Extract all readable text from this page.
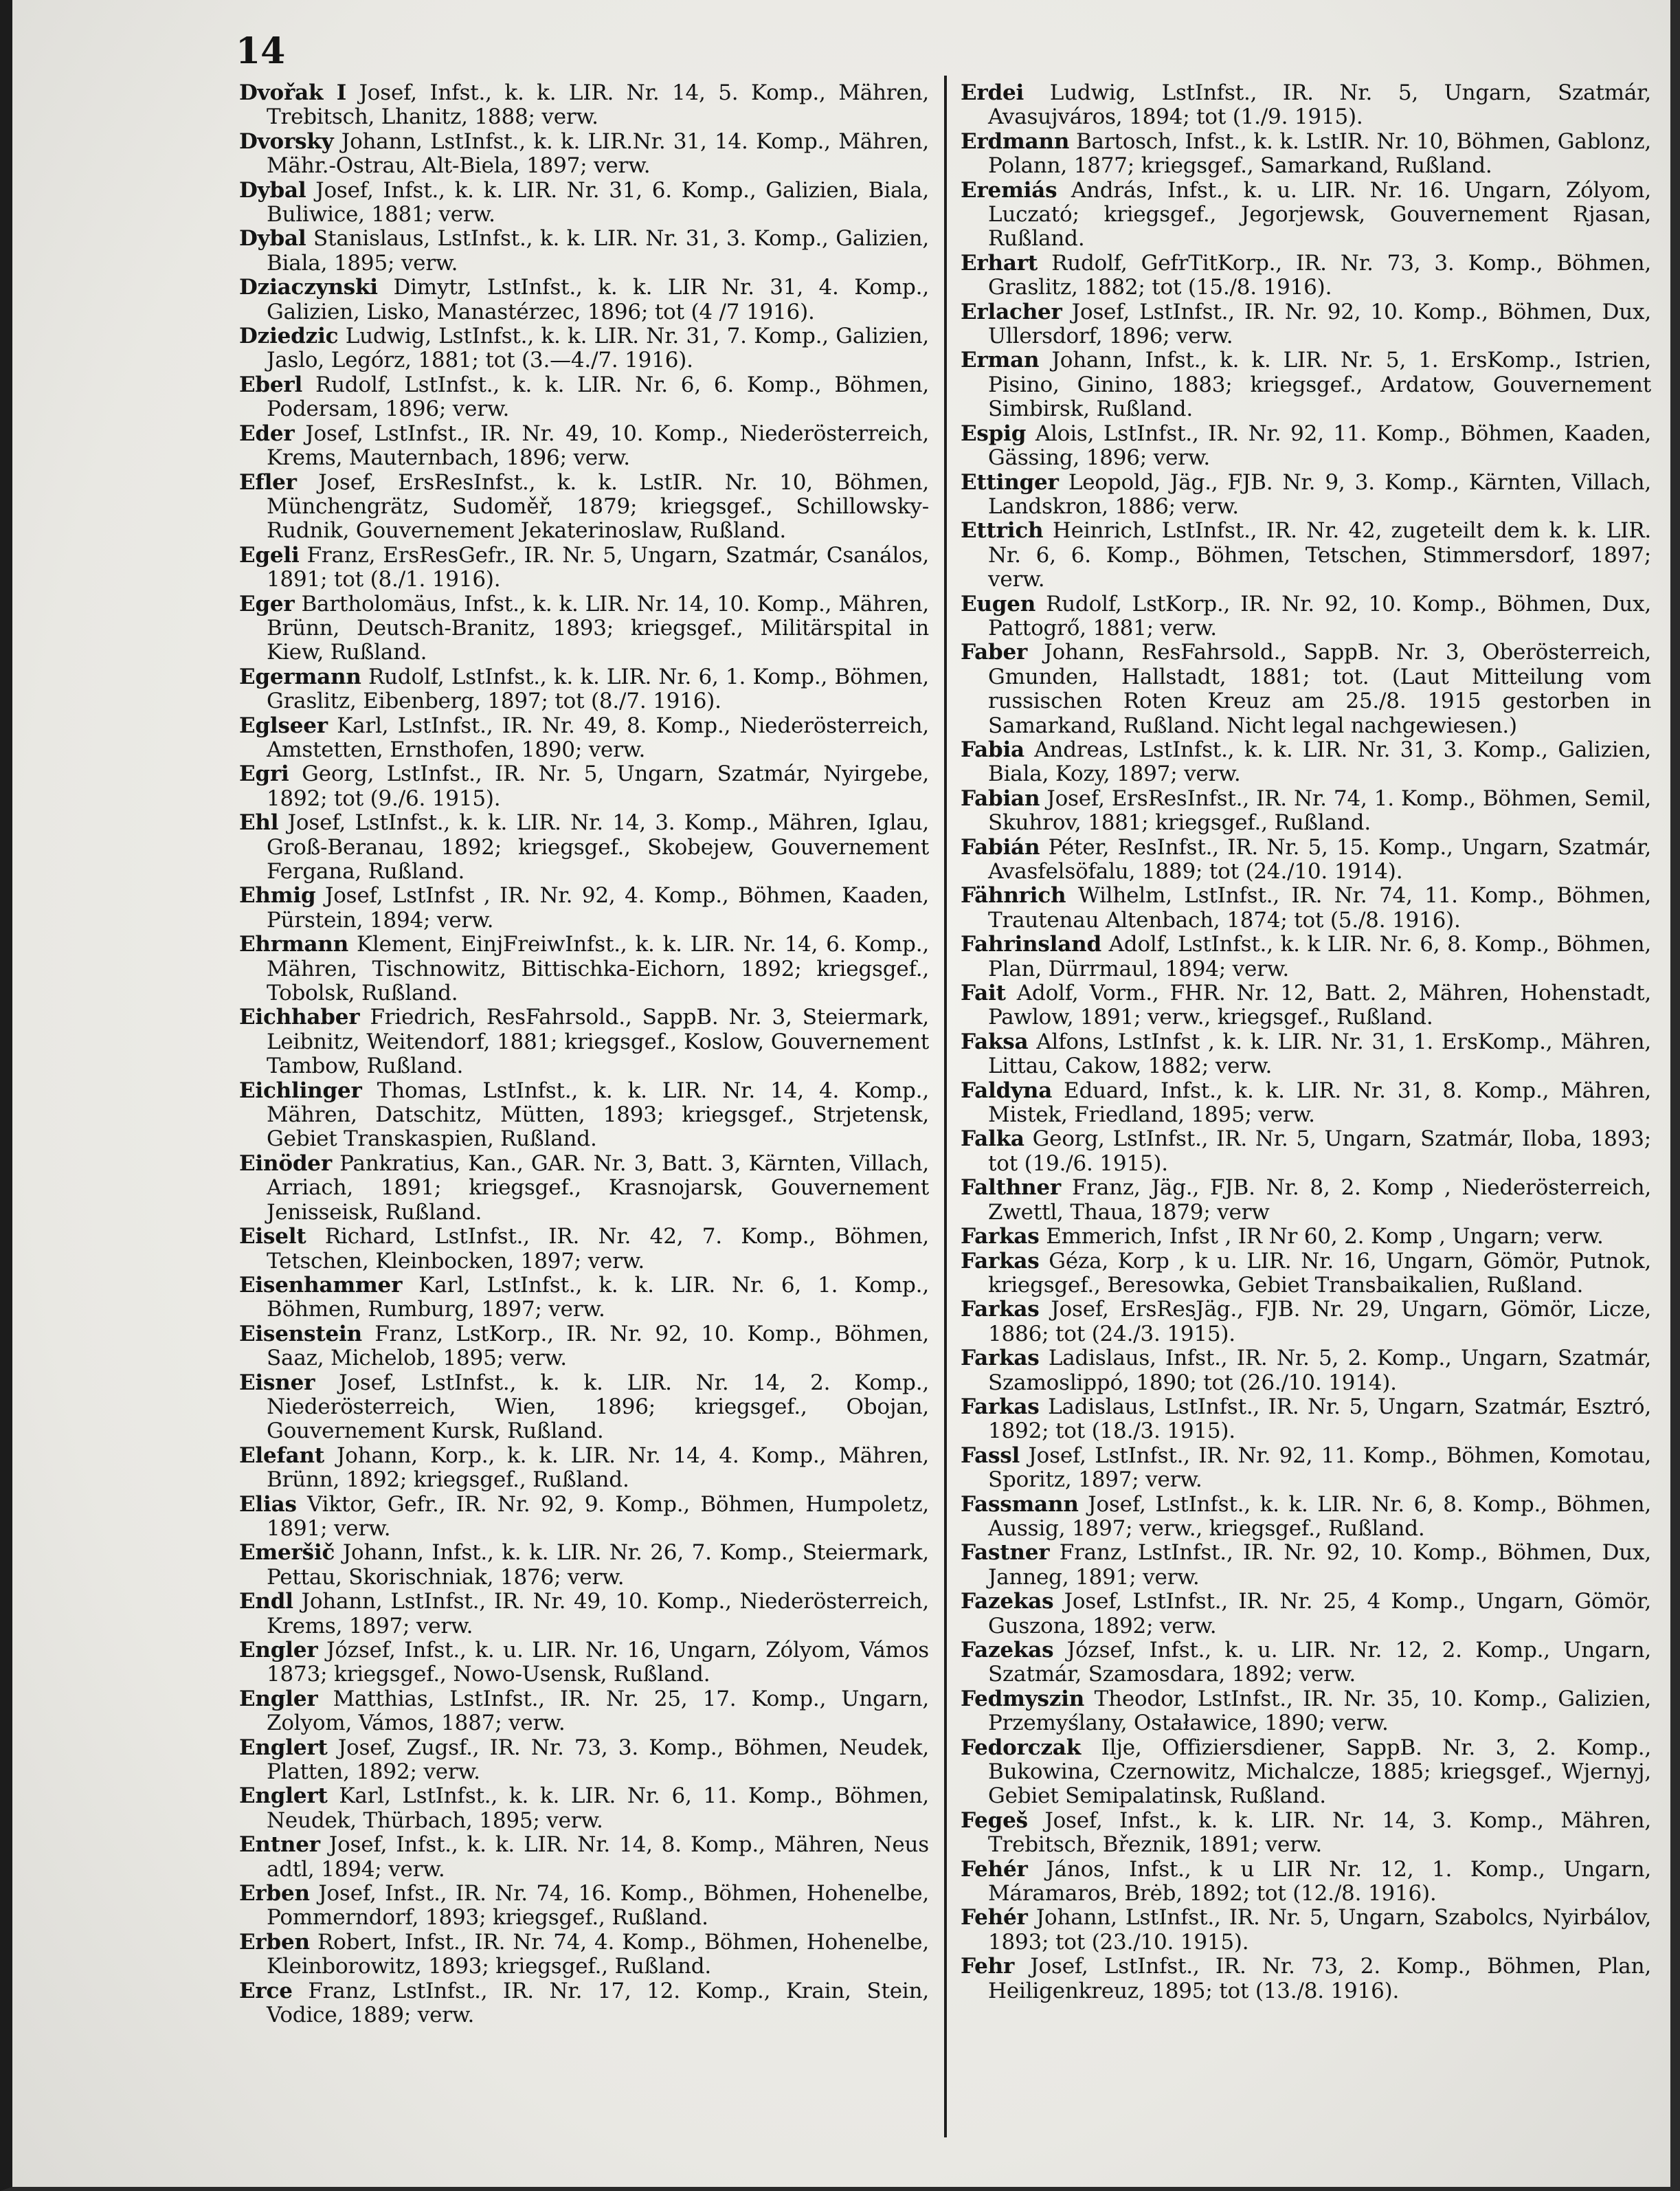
14

Dvořak I Josef, Infst., k. k. LIR. Nr. 14, 5. Komp., Mähren, Trebitsch, Lhanitz, 1888; verw.

Dvorsky Johann, LstInfst., k. k. LIR.Nr. 31, 14. Komp., Mähren, Mähr.-Ostrau, Alt-Biela, 1897; verw.

Dybal Josef, Infst., k. k. LIR. Nr. 31, 6. Komp., Galizien, Biala, Buliwice, 1881; verw.

Dybal Stanislaus, LstInfst., k. k. LIR. Nr. 31, 3. Komp., Galizien, Biala, 1895; verw.

Dziaczynski Dimytr, LstInfst., k. k. LIR Nr. 31, 4. Komp., Galizien, Lisko, Manastérzec, 1896; tot (4 /7 1916).

Dziedzic Ludwig, LstInfst., k. k. LIR. Nr. 31, 7. Komp., Galizien, Jaslo, Legórz, 1881; tot (3.—4./7. 1916).

Eberl Rudolf, LstInfst., k. k. LIR. Nr. 6, 6. Komp., Böhmen, Podersam, 1896; verw.

Eder Josef, LstInfst., IR. Nr. 49, 10. Komp., Niederösterreich, Krems, Mauternbach, 1896; verw.

Efler Josef, ErsResInfst., k. k. LstIR. Nr. 10, Böhmen, Münchengrätz, Sudoměř, 1879; kriegsgef., Schillowsky-Rudnik, Gouvernement Jekaterinoslaw, Rußland.

Egeli Franz, ErsResGefr., IR. Nr. 5, Ungarn, Szatmár, Csanálos, 1891; tot (8./1. 1916).

Eger Bartholomäus, Infst., k. k. LIR. Nr. 14, 10. Komp., Mähren, Brünn, Deutsch-Branitz, 1893; kriegsgef., Militärspital in Kiew, Rußland.

Egermann Rudolf, LstInfst., k. k. LIR. Nr. 6, 1. Komp., Böhmen, Graslitz, Eibenberg, 1897; tot (8./7. 1916).

Eglseer Karl, LstInfst., IR. Nr. 49, 8. Komp., Niederösterreich, Amstetten, Ernsthofen, 1890; verw.

Egri Georg, LstInfst., IR. Nr. 5, Ungarn, Szatmár, Nyirgebe, 1892; tot (9./6. 1915).

Ehl Josef, LstInfst., k. k. LIR. Nr. 14, 3. Komp., Mähren, Iglau, Groß-Beranau, 1892; kriegsgef., Skobejew, Gouvernement Fergana, Rußland.

Ehmig Josef, LstInfst , IR. Nr. 92, 4. Komp., Böhmen, Kaaden, Pürstein, 1894; verw.

Ehrmann Klement, EinjFreiwInfst., k. k. LIR. Nr. 14, 6. Komp., Mähren, Tischnowitz, Bittischka-Eichorn, 1892; kriegsgef., Tobolsk, Rußland.

Eichhaber Friedrich, ResFahrsold., SappB. Nr. 3, Steiermark, Leibnitz, Weitendorf, 1881; kriegsgef., Koslow, Gouvernement Tambow, Rußland.

Eichlinger Thomas, LstInfst., k. k. LIR. Nr. 14, 4. Komp., Mähren, Datschitz, Mütten, 1893; kriegsgef., Strjetensk, Gebiet Transkaspien, Rußland.

Einöder Pankratius, Kan., GAR. Nr. 3, Batt. 3, Kärnten, Villach, Arriach, 1891; kriegsgef., Krasnojarsk, Gouvernement Jenisseisk, Rußland.

Eiselt Richard, LstInfst., IR. Nr. 42, 7. Komp., Böhmen, Tetschen, Kleinbocken, 1897; verw.

Eisenhammer Karl, LstInfst., k. k. LIR. Nr. 6, 1. Komp., Böhmen, Rumburg, 1897; verw.

Eisenstein Franz, LstKorp., IR. Nr. 92, 10. Komp., Böhmen, Saaz, Michelob, 1895; verw.

Eisner Josef, LstInfst., k. k. LIR. Nr. 14, 2. Komp., Niederösterreich, Wien, 1896; kriegsgef., Obojan, Gouvernement Kursk, Rußland.

Elefant Johann, Korp., k. k. LIR. Nr. 14, 4. Komp., Mähren, Brünn, 1892; kriegsgef., Rußland.

Elias Viktor, Gefr., IR. Nr. 92, 9. Komp., Böhmen, Humpoletz, 1891; verw.

Emeršič Johann, Infst., k. k. LIR. Nr. 26, 7. Komp., Steiermark, Pettau, Skorischniak, 1876; verw.

Endl Johann, LstInfst., IR. Nr. 49, 10. Komp., Niederösterreich, Krems, 1897; verw.

Engler József, Infst., k. u. LIR. Nr. 16, Ungarn, Zólyom, Vámos 1873; kriegsgef., Nowo-Usensk, Rußland.

Engler Matthias, LstInfst., IR. Nr. 25, 17. Komp., Ungarn, Zolyom, Vámos, 1887; verw.

Englert Josef, Zugsf., IR. Nr. 73, 3. Komp., Böhmen, Neudek, Platten, 1892; verw.

Englert Karl, LstInfst., k. k. LIR. Nr. 6, 11. Komp., Böhmen, Neudek, Thürbach, 1895; verw.

Entner Josef, Infst., k. k. LIR. Nr. 14, 8. Komp., Mähren, Neus adtl, 1894; verw.

Erben Josef, Infst., IR. Nr. 74, 16. Komp., Böhmen, Hohenelbe, Pommerndorf, 1893; kriegsgef., Rußland.

Erben Robert, Infst., IR. Nr. 74, 4. Komp., Böhmen, Hohenelbe, Kleinborowitz, 1893; kriegsgef., Rußland.

Erce Franz, LstInfst., IR. Nr. 17, 12. Komp., Krain, Stein, Vodice, 1889; verw.

Erdei Ludwig, LstInfst., IR. Nr. 5, Ungarn, Szatmár, Avasujváros, 1894; tot (1./9. 1915).

Erdmann Bartosch, Infst., k. k. LstIR. Nr. 10, Böhmen, Gablonz, Polann, 1877; kriegsgef., Samarkand, Rußland.

Eremiás András, Infst., k. u. LIR. Nr. 16. Ungarn, Zólyom, Luczató; kriegsgef., Jegorjewsk, Gouvernement Rjasan, Rußland.

Erhart Rudolf, GefrTitKorp., IR. Nr. 73, 3. Komp., Böhmen, Graslitz, 1882; tot (15./8. 1916).

Erlacher Josef, LstInfst., IR. Nr. 92, 10. Komp., Böhmen, Dux, Ullersdorf, 1896; verw.

Erman Johann, Infst., k. k. LIR. Nr. 5, 1. ErsKomp., Istrien, Pisino, Ginino, 1883; kriegsgef., Ardatow, Gouvernement Simbirsk, Rußland.

Espig Alois, LstInfst., IR. Nr. 92, 11. Komp., Böhmen, Kaaden, Gässing, 1896; verw.

Ettinger Leopold, Jäg., FJB. Nr. 9, 3. Komp., Kärnten, Villach, Landskron, 1886; verw.

Ettrich Heinrich, LstInfst., IR. Nr. 42, zugeteilt dem k. k. LIR. Nr. 6, 6. Komp., Böhmen, Tetschen, Stimmersdorf, 1897; verw.

Eugen Rudolf, LstKorp., IR. Nr. 92, 10. Komp., Böhmen, Dux, Pattogrő, 1881; verw.

Faber Johann, ResFahrsold., SappB. Nr. 3, Oberösterreich, Gmunden, Hallstadt, 1881; tot. (Laut Mitteilung vom russischen Roten Kreuz am 25./8. 1915 gestorben in Samarkand, Rußland. Nicht legal nachgewiesen.)

Fabia Andreas, LstInfst., k. k. LIR. Nr. 31, 3. Komp., Galizien, Biala, Kozy, 1897; verw.

Fabian Josef, ErsResInfst., IR. Nr. 74, 1. Komp., Böhmen, Semil, Skuhrov, 1881; kriegsgef., Rußland.

Fabián Péter, ResInfst., IR. Nr. 5, 15. Komp., Ungarn, Szatmár, Avasfelsöfalu, 1889; tot (24./10. 1914).

Fähnrich Wilhelm, LstInfst., IR. Nr. 74, 11. Komp., Böhmen, Trautenau Altenbach, 1874; tot (5./8. 1916).

Fahrinsland Adolf, LstInfst., k. k LIR. Nr. 6, 8. Komp., Böhmen, Plan, Dürrmaul, 1894; verw.

Fait Adolf, Vorm., FHR. Nr. 12, Batt. 2, Mähren, Hohenstadt, Pawlow, 1891; verw., kriegsgef., Rußland.

Faksa Alfons, LstInfst , k. k. LIR. Nr. 31, 1. ErsKomp., Mähren, Littau, Cakow, 1882; verw.

Faldyna Eduard, Infst., k. k. LIR. Nr. 31, 8. Komp., Mähren, Mistek, Friedland, 1895; verw.

Falka Georg, LstInfst., IR. Nr. 5, Ungarn, Szatmár, Iloba, 1893; tot (19./6. 1915).

Falthner Franz, Jäg., FJB. Nr. 8, 2. Komp , Niederösterreich, Zwettl, Thaua, 1879; verw

Farkas Emmerich, Infst , IR Nr 60, 2. Komp , Ungarn; verw.

Farkas Géza, Korp , k u. LIR. Nr. 16, Ungarn, Gömör, Putnok, kriegsgef., Beresowka, Gebiet Transbaikalien, Rußland.

Farkas Josef, ErsResJäg., FJB. Nr. 29, Ungarn, Gömör, Licze, 1886; tot (24./3. 1915).

Farkas Ladislaus, Infst., IR. Nr. 5, 2. Komp., Ungarn, Szatmár, Szamoslippó, 1890; tot (26./10. 1914).

Farkas Ladislaus, LstInfst., IR. Nr. 5, Ungarn, Szatmár, Esztró, 1892; tot (18./3. 1915).

Fassl Josef, LstInfst., IR. Nr. 92, 11. Komp., Böhmen, Komotau, Sporitz, 1897; verw.

Fassmann Josef, LstInfst., k. k. LIR. Nr. 6, 8. Komp., Böhmen, Aussig, 1897; verw., kriegsgef., Rußland.

Fastner Franz, LstInfst., IR. Nr. 92, 10. Komp., Böhmen, Dux, Janneg, 1891; verw.

Fazekas Josef, LstInfst., IR. Nr. 25, 4 Komp., Ungarn, Gömör, Guszona, 1892; verw.

Fazekas József, Infst., k. u. LIR. Nr. 12, 2. Komp., Ungarn, Szatmár, Szamosdara, 1892; verw.

Fedmyszin Theodor, LstInfst., IR. Nr. 35, 10. Komp., Galizien, Przemyślany, Ostaławice, 1890; verw.

Fedorczak Ilje, Offiziersdiener, SappB. Nr. 3, 2. Komp., Bukowina, Czernowitz, Michalcze, 1885; kriegsgef., Wjernyj, Gebiet Semipalatinsk, Rußland.

Fegeš Josef, Infst., k. k. LIR. Nr. 14, 3. Komp., Mähren, Trebitsch, Březnik, 1891; verw.

Fehér János, Infst., k u LIR Nr. 12, 1. Komp., Ungarn, Máramaros, Brėb, 1892; tot (12./8. 1916).

Fehér Johann, LstInfst., IR. Nr. 5, Ungarn, Szabolcs, Nyirbálov, 1893; tot (23./10. 1915).

Fehr Josef, LstInfst., IR. Nr. 73, 2. Komp., Böhmen, Plan, Heiligenkreuz, 1895; tot (13./8. 1916).
